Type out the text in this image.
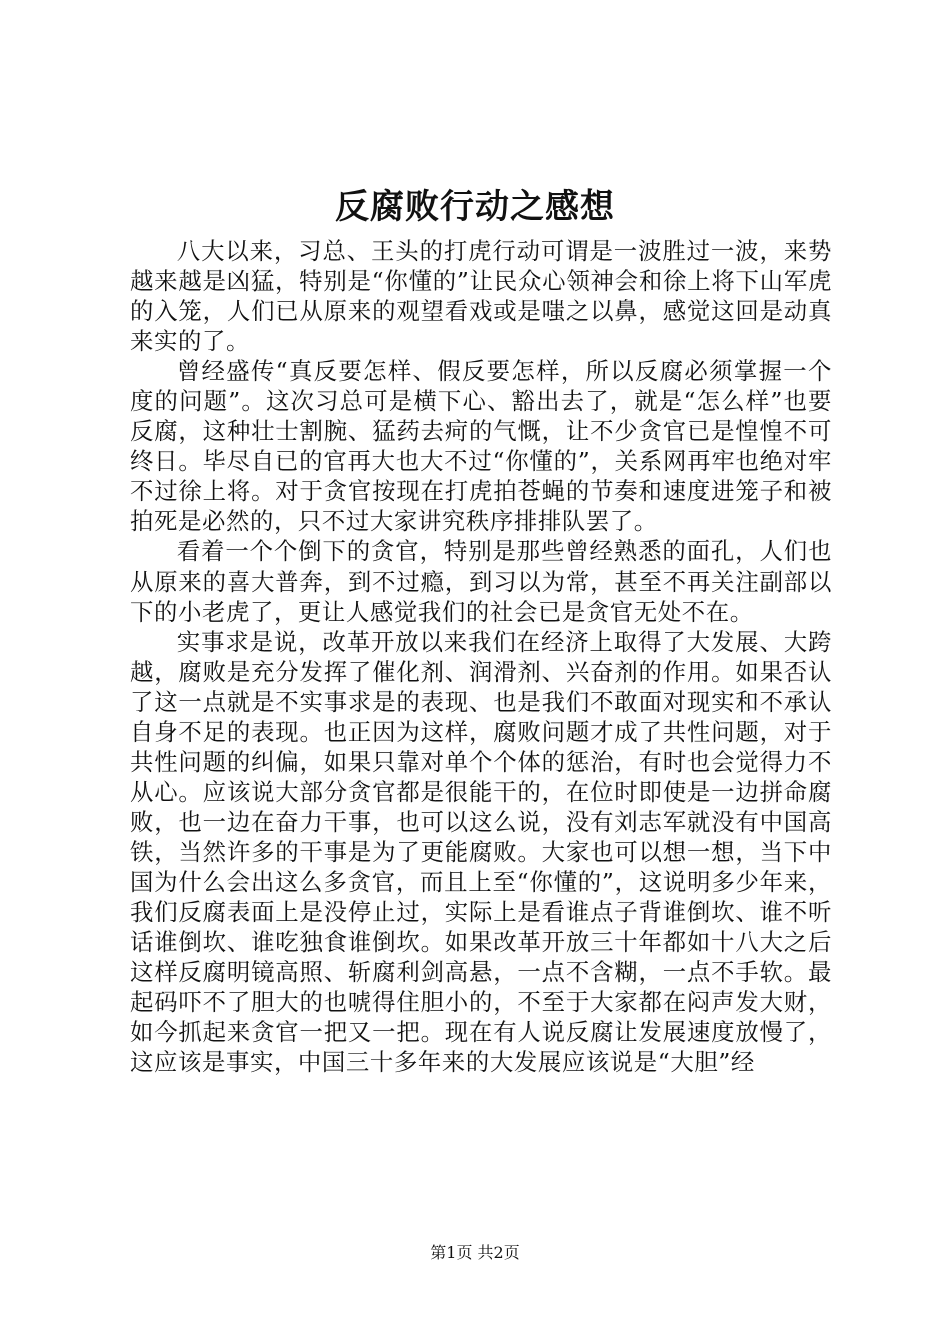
反腐败行动之感想

八大以来，习总、王头的打虎行动可谓是一波胜过一波，来势越来越是凶猛，特别是“你懂的”让民众心领神会和徐上将下山军虎的入笼，人们已从原来的观望看戏或是嗤之以鼻，感觉这回是动真来实的了。

曾经盛传“真反要怎样、假反要怎样，所以反腐必须掌握一个度的问题”。这次习总可是横下心、豁出去了，就是“怎么样”也要反腐，这种壮士割腕、猛药去疴的气慨，让不少贪官已是惶惶不可终日。毕尽自已的官再大也大不过“你懂的”，关系网再牢也绝对牢不过徐上将。对于贪官按现在打虎拍苍蝇的节奏和速度进笼子和被拍死是必然的，只不过大家讲究秩序排排队罢了。

看着一个个倒下的贪官，特别是那些曾经熟悉的面孔，人们也从原来的喜大普奔，到不过瘾，到习以为常，甚至不再关注副部以下的小老虎了，更让人感觉我们的社会已是贪官无处不在。

实事求是说，改革开放以来我们在经济上取得了大发展、大跨越，腐败是充分发挥了催化剂、润滑剂、兴奋剂的作用。如果否认了这一点就是不实事求是的表现、也是我们不敢面对现实和不承认自身不足的表现。也正因为这样，腐败问题才成了共性问题，对于共性问题的纠偏，如果只靠对单个个体的惩治，有时也会觉得力不从心。应该说大部分贪官都是很能干的，在位时即使是一边拼命腐败，也一边在奋力干事，也可以这么说，没有刘志军就没有中国高铁，当然许多的干事是为了更能腐败。大家也可以想一想，当下中国为什么会出这么多贪官，而且上至“你懂的”，这说明多少年来，我们反腐表面上是没停止过，实际上是看谁点子背谁倒坎、谁不听话谁倒坎、谁吃独食谁倒坎。如果改革开放三十年都如十八大之后这样反腐明镜高照、斩腐利剑高悬，一点不含糊，一点不手软。最起码吓不了胆大的也唬得住胆小的，不至于大家都在闷声发大财，如今抓起来贪官一把又一把。现在有人说反腐让发展速度放慢了，这应该是事实，中国三十多年来的大发展应该说是“大胆”经

第1页 共2页
